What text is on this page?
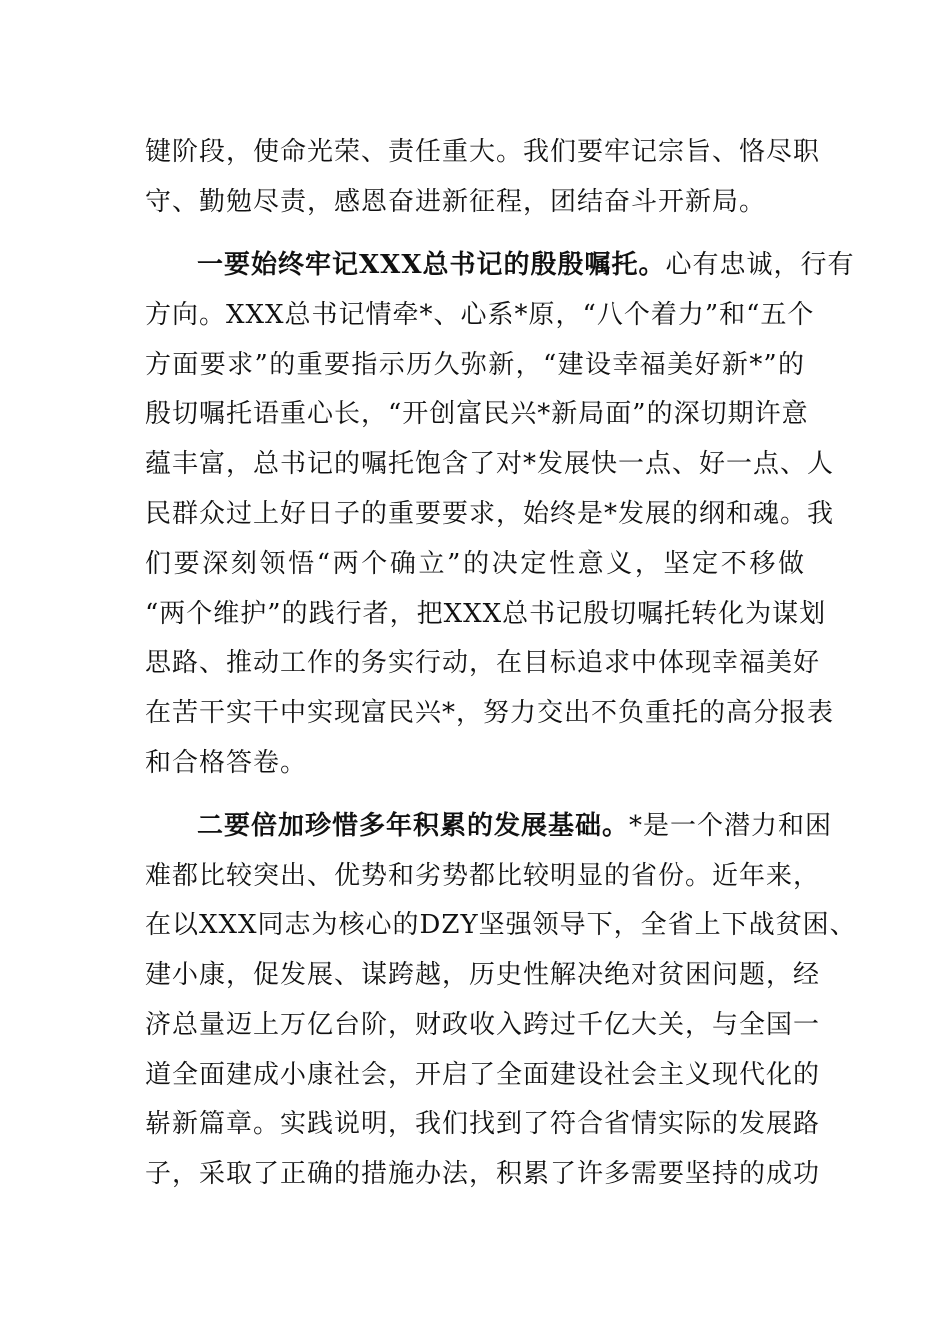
键阶段，使命光荣、责任重大。我们要牢记宗旨、恪尽职
守、勤勉尽责，感恩奋进新征程，团结奋斗开新局。
一要始终牢记XXX总书记的殷殷嘱托。心有忠诚，行有
方向。XXX总书记情牵*、心系*原，“八个着力”和“五个
方面要求”的重要指示历久弥新，“建设幸福美好新*”的
殷切嘱托语重心长，“开创富民兴*新局面”的深切期许意
蕴丰富，总书记的嘱托饱含了对*发展快一点、好一点、人
民群众过上好日子的重要要求，始终是*发展的纲和魂。我
们要深刻领悟“两个确立”的决定性意义，坚定不移做
“两个维护”的践行者，把XXX总书记殷切嘱托转化为谋划
思路、推动工作的务实行动，在目标追求中体现幸福美好
在苦干实干中实现富民兴*，努力交出不负重托的高分报表
和合格答卷。
二要倍加珍惜多年积累的发展基础。*是一个潜力和困
难都比较突出、优势和劣势都比较明显的省份。近年来，
在以XXX同志为核心的DZY坚强领导下，全省上下战贫困、
建小康，促发展、谋跨越，历史性解决绝对贫困问题，经
济总量迈上万亿台阶，财政收入跨过千亿大关，与全国一
道全面建成小康社会，开启了全面建设社会主义现代化的
崭新篇章。实践说明，我们找到了符合省情实际的发展路
子，采取了正确的措施办法，积累了许多需要坚持的成功
